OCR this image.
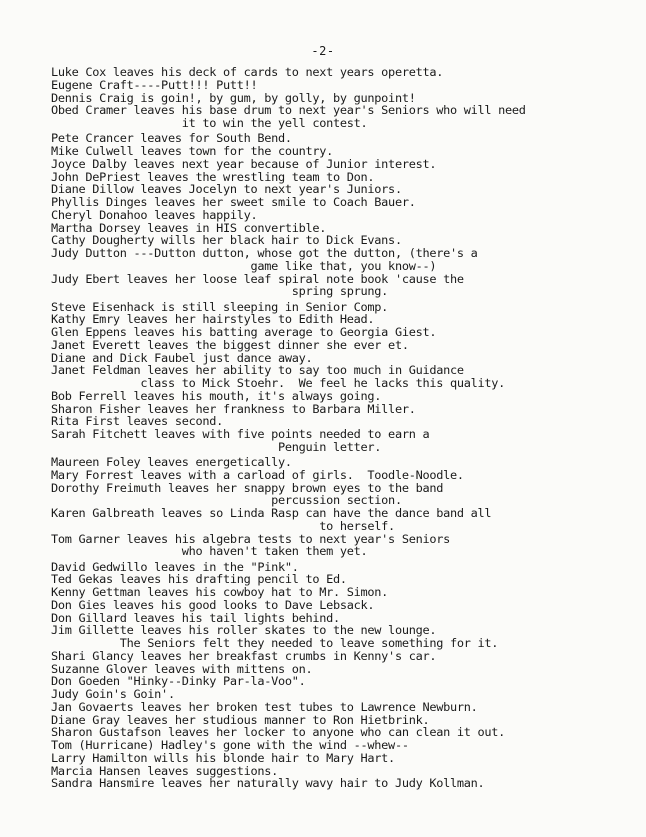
-2-
Luke Cox leaves his deck of cards to next years operetta.
Eugene Craft----Putt!!! Putt!!
Dennis Craig is goin!, by gum, by golly, by gunpoint!
Obed Cramer leaves his base drum to next year's Seniors who will need
it to win the yell contest.
Pete Crancer leaves for South Bend.
Mike Culwell leaves town for the country.
Joyce Dalby leaves next year because of Junior interest.
John DePriest leaves the wrestling team to Don.
Diane Dillow leaves Jocelyn to next year's Juniors.
Phyllis Dinges leaves her sweet smile to Coach Bauer.
Cheryl Donahoo leaves happily.
Martha Dorsey leaves in HIS convertible.
Cathy Dougherty wills her black hair to Dick Evans.
Judy Dutton ---Dutton dutton, whose got the dutton, (there's a
game like that, you know--)
Judy Ebert leaves her loose leaf spiral note book 'cause the
spring sprung.
Steve Eisenhack is still sleeping in Senior Comp.
Kathy Emry leaves her hairstyles to Edith Head.
Glen Eppens leaves his batting average to Georgia Giest.
Janet Everett leaves the biggest dinner she ever et.
Diane and Dick Faubel just dance away.
Janet Feldman leaves her ability to say too much in Guidance
class to Mick Stoehr.  We feel he lacks this quality.
Bob Ferrell leaves his mouth, it's always going.
Sharon Fisher leaves her frankness to Barbara Miller.
Rita First leaves second.
Sarah Fitchett leaves with five points needed to earn a
Penguin letter.
Maureen Foley leaves energetically.
Mary Forrest leaves with a carload of girls.  Toodle-Noodle.
Dorothy Freimuth leaves her snappy brown eyes to the band
percussion section.
Karen Galbreath leaves so Linda Rasp can have the dance band all
to herself.
Tom Garner leaves his algebra tests to next year's Seniors
who haven't taken them yet.
David Gedwillo leaves in the "Pink".
Ted Gekas leaves his drafting pencil to Ed.
Kenny Gettman leaves his cowboy hat to Mr. Simon.
Don Gies leaves his good looks to Dave Lebsack.
Don Gillard leaves his tail lights behind.
Jim Gillette leaves his roller skates to the new lounge.
The Seniors felt they needed to leave something for it.
Shari Glancy leaves her breakfast crumbs in Kenny's car.
Suzanne Glover leaves with mittens on.
Don Goeden "Hinky--Dinky Par-la-Voo".
Judy Goin's Goin'.
Jan Govaerts leaves her broken test tubes to Lawrence Newburn.
Diane Gray leaves her studious manner to Ron Hietbrink.
Sharon Gustafson leaves her locker to anyone who can clean it out.
Tom (Hurricane) Hadley's gone with the wind --whew--
Larry Hamilton wills his blonde hair to Mary Hart.
Marcia Hansen leaves suggestions.
Sandra Hansmire leaves her naturally wavy hair to Judy Kollman.
